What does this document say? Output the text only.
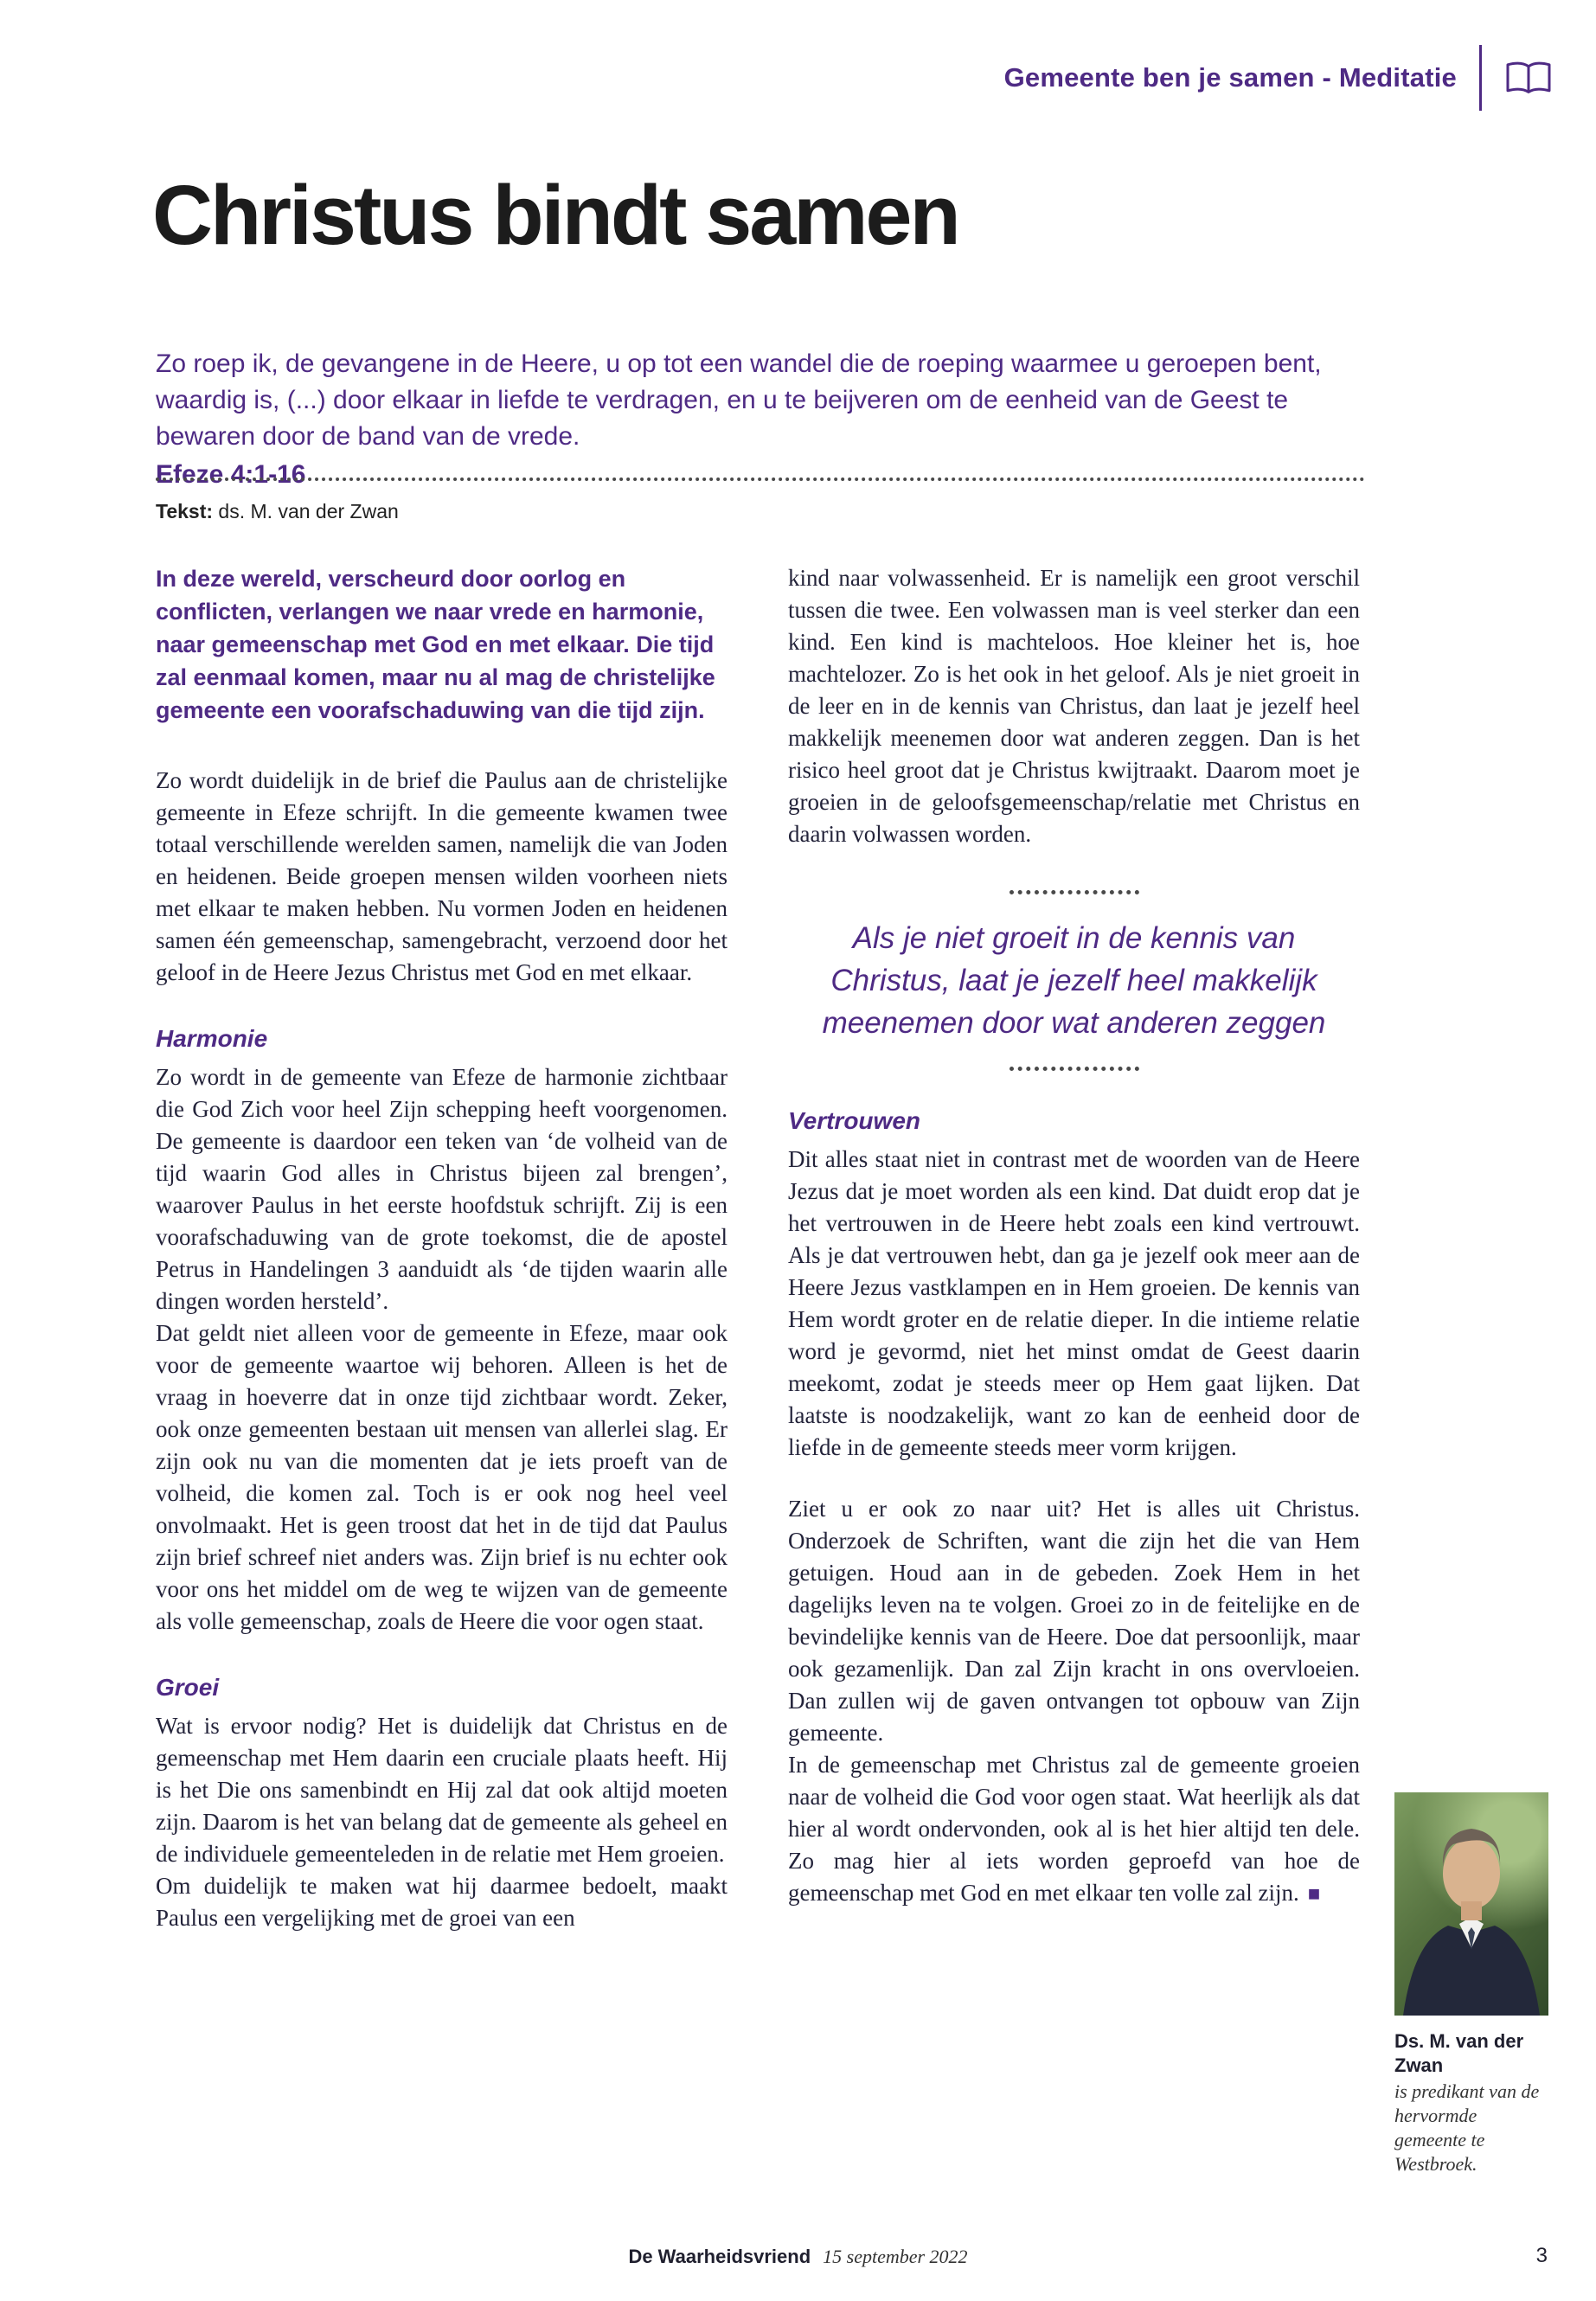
Gemeente ben je samen - Meditatie
Christus bindt samen

Zo roep ik, de gevangene in de Heere, u op tot een wandel die de roeping waarmee u geroepen bent, waardig is, (...) door elkaar in liefde te verdragen, en u te beijveren om de eenheid van de Geest te bewaren door de band van de vrede.

Efeze 4:1-16

Tekst: ds. M. van der Zwan

In deze wereld, verscheurd door oorlog en conflicten, verlangen we naar vrede en harmonie, naar gemeenschap met God en met elkaar. Die tijd zal eenmaal komen, maar nu al mag de christelijke gemeente een voorafschaduwing van die tijd zijn.

Zo wordt duidelijk in de brief die Paulus aan de christelijke gemeente in Efeze schrijft. In die gemeente kwamen twee totaal verschillende werelden samen, namelijk die van Joden en heidenen. Beide groepen mensen wilden voorheen niets met elkaar te maken hebben. Nu vormen Joden en heidenen samen één gemeenschap, samengebracht, verzoend door het geloof in de Heere Jezus Christus met God en met elkaar.

Harmonie

Zo wordt in de gemeente van Efeze de harmonie zichtbaar die God Zich voor heel Zijn schepping heeft voorgenomen. De gemeente is daardoor een teken van ‘de volheid van de tijd waarin God alles in Christus bijeen zal brengen’, waarover Paulus in het eerste hoofdstuk schrijft. Zij is een voorafschaduwing van de grote toekomst, die de apostel Petrus in Handelingen 3 aanduidt als ‘de tijden waarin alle dingen worden hersteld’.

Dat geldt niet alleen voor de gemeente in Efeze, maar ook voor de gemeente waartoe wij behoren. Alleen is het de vraag in hoeverre dat in onze tijd zichtbaar wordt. Zeker, ook onze gemeenten bestaan uit mensen van allerlei slag. Er zijn ook nu van die momenten dat je iets proeft van de volheid, die komen zal. Toch is er ook nog heel veel onvolmaakt. Het is geen troost dat het in de tijd dat Paulus zijn brief schreef niet anders was. Zijn brief is nu echter ook voor ons het middel om de weg te wijzen van de gemeente als volle gemeenschap, zoals de Heere die voor ogen staat.

Groei

Wat is ervoor nodig? Het is duidelijk dat Christus en de gemeenschap met Hem daarin een cruciale plaats heeft. Hij is het Die ons samenbindt en Hij zal dat ook altijd moeten zijn. Daarom is het van belang dat de gemeente als geheel en de individuele gemeenteleden in de relatie met Hem groeien.

Om duidelijk te maken wat hij daarmee bedoelt, maakt Paulus een vergelijking met de groei van een

kind naar volwassenheid. Er is namelijk een groot verschil tussen die twee. Een volwassen man is veel sterker dan een kind. Een kind is machteloos. Hoe kleiner het is, hoe machtelozer. Zo is het ook in het geloof. Als je niet groeit in de leer en in de kennis van Christus, dan laat je jezelf heel makkelijk meenemen door wat anderen zeggen. Dan is het risico heel groot dat je Christus kwijtraakt. Daarom moet je groeien in de geloofsgemeenschap/relatie met Christus en daarin volwassen worden.

Als je niet groeit in de kennis van Christus, laat je jezelf heel makkelijk meenemen door wat anderen zeggen

Vertrouwen

Dit alles staat niet in contrast met de woorden van de Heere Jezus dat je moet worden als een kind. Dat duidt erop dat je het vertrouwen in de Heere hebt zoals een kind vertrouwt. Als je dat vertrouwen hebt, dan ga je jezelf ook meer aan de Heere Jezus vastklampen en in Hem groeien. De kennis van Hem wordt groter en de relatie dieper. In die intieme relatie word je gevormd, niet het minst omdat de Geest daarin meekomt, zodat je steeds meer op Hem gaat lijken. Dat laatste is noodzakelijk, want zo kan de eenheid door de liefde in de gemeente steeds meer vorm krijgen.

Ziet u er ook zo naar uit? Het is alles uit Christus. Onderzoek de Schriften, want die zijn het die van Hem getuigen. Houd aan in de gebeden. Zoek Hem in het dagelijks leven na te volgen. Groei zo in de feitelijke en de bevindelijke kennis van de Heere. Doe dat persoonlijk, maar ook gezamenlijk. Dan zal Zijn kracht in ons overvloeien. Dan zullen wij de gaven ontvangen tot opbouw van Zijn gemeente.

In de gemeenschap met Christus zal de gemeente groeien naar de volheid die God voor ogen staat. Wat heerlijk als dat hier al wordt ondervonden, ook al is het hier altijd ten dele. Zo mag hier al iets worden geproefd van hoe de gemeenschap met God en met elkaar ten volle zal zijn. ■

Ds. M. van der Zwan

is predikant van de hervormde gemeente te Westbroek.

De Waarheidsvriend 15 september 2022	3
